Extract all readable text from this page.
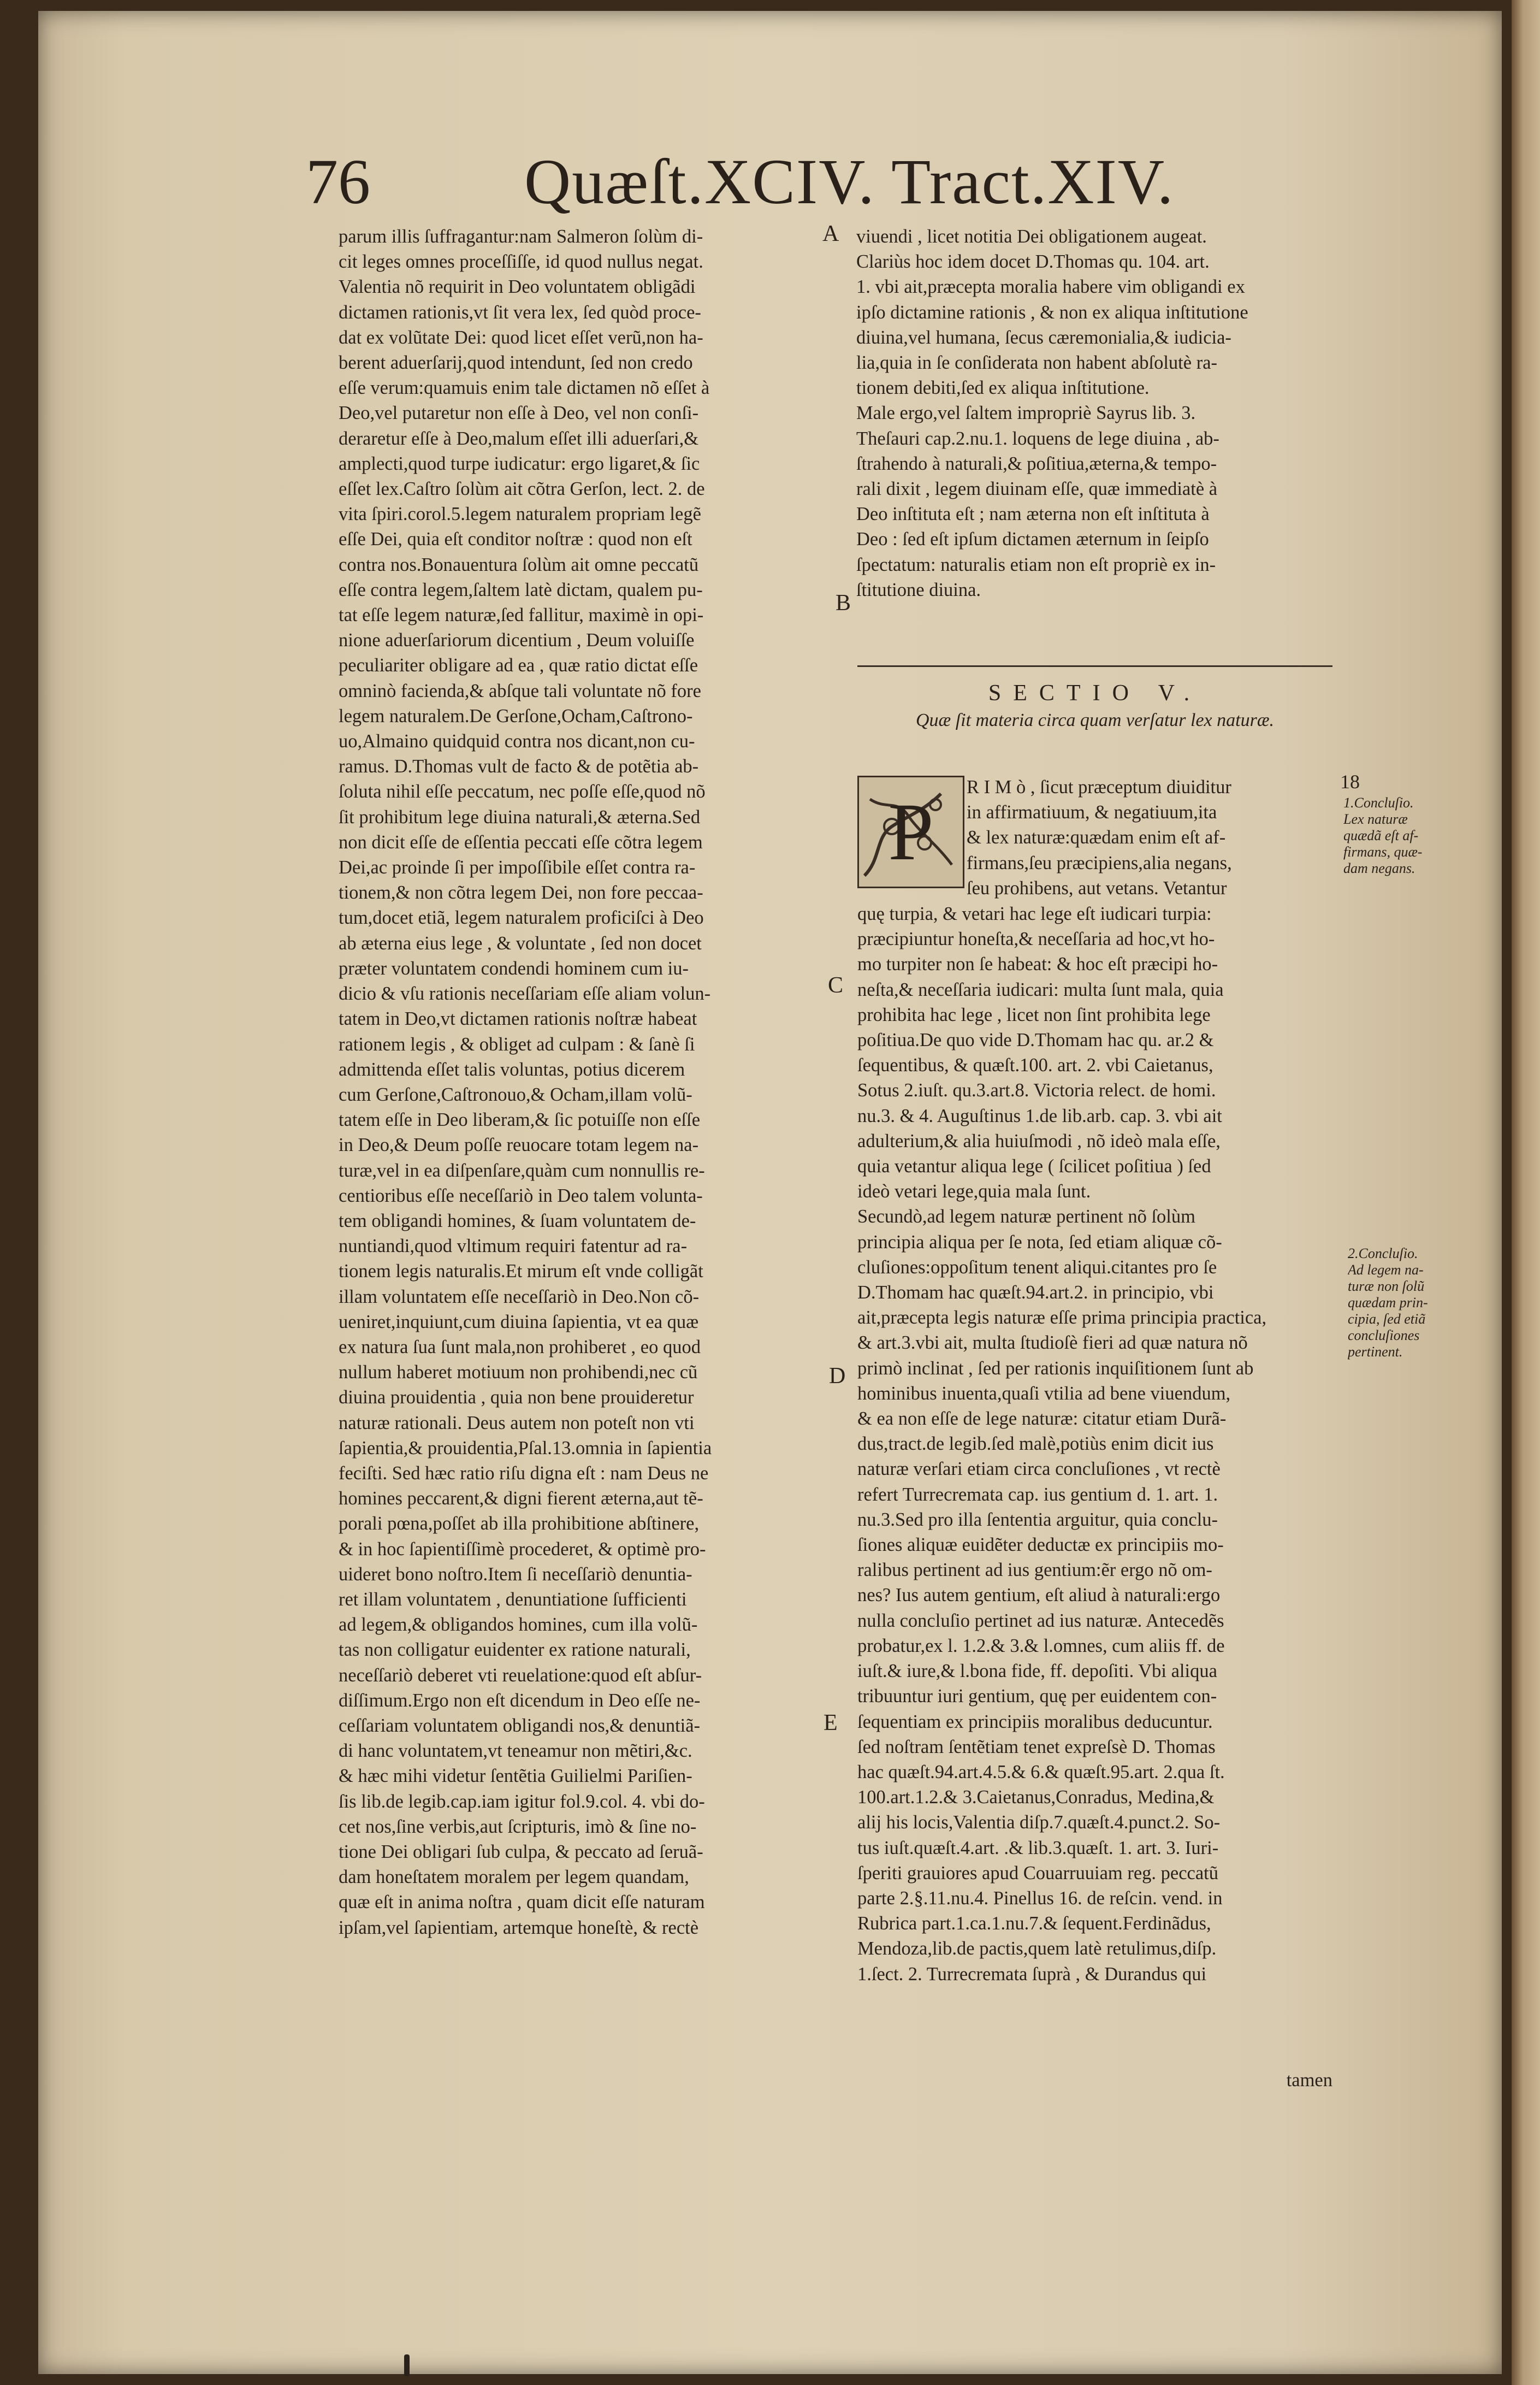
76 Quæſt.XCIV. Tract.XIV.
parum illis ſuffragantur:nam Salmeron ſolùm di-
cit leges omnes proceſſiſſe, id quod nullus negat.
Valentia nõ requirit in Deo voluntatem obligãdi
dictamen rationis,vt ſit vera lex, ſed quòd proce-
dat ex volũtate Dei: quod licet eſſet verũ,non ha-
berent aduerſarij,quod intendunt, ſed non credo
eſſe verum:quamuis enim tale dictamen nõ eſſet à
Deo,vel putaretur non eſſe à Deo, vel non conſi-
deraretur eſſe à Deo,malum eſſet illi aduerſari,&
amplecti,quod turpe iudicatur: ergo ligaret,& ſic
eſſet lex.Caſtro ſolùm ait cõtra Gerſon, lect. 2. de
vita ſpiri.corol.5.legem naturalem propriam legẽ
eſſe Dei, quia eſt conditor noſtræ : quod non eſt
contra nos.Bonauentura ſolùm ait omne peccatũ
eſſe contra legem,ſaltem latè dictam, qualem pu-
tat eſſe legem naturæ,ſed fallitur, maximè in opi-
nione aduerſariorum dicentium , Deum voluiſſe
peculiariter obligare ad ea , quæ ratio dictat eſſe
omninò facienda,& abſque tali voluntate nõ fore
legem naturalem.De Gerſone,Ocham,Caſtrono-
uo,Almaino quidquid contra nos dicant,non cu-
ramus. D.Thomas vult de facto & de potẽtia ab-
ſoluta nihil eſſe peccatum, nec poſſe eſſe,quod nõ
ſit prohibitum lege diuina naturali,& æterna.Sed
non dicit eſſe de eſſentia peccati eſſe cõtra legem
Dei,ac proinde ſi per impoſſibile eſſet contra ra-
tionem,& non cõtra legem Dei, non fore peccaa-
tum,docet etiã, legem naturalem proficiſci à Deo
ab æterna eius lege , & voluntate , ſed non docet
præter voluntatem condendi hominem cum iu-
dicio & vſu rationis neceſſariam eſſe aliam volun-
tatem in Deo,vt dictamen rationis noſtræ habeat
rationem legis , & obliget ad culpam : & ſanè ſi
admittenda eſſet talis voluntas, potius dicerem
cum Gerſone,Caſtronouo,& Ocham,illam volũ-
tatem eſſe in Deo liberam,& ſic potuiſſe non eſſe
in Deo,& Deum poſſe reuocare totam legem na-
turæ,vel in ea diſpenſare,quàm cum nonnullis re-
centioribus eſſe neceſſariò in Deo talem volunta-
tem obligandi homines, & ſuam voluntatem de-
nuntiandi,quod vltimum requiri fatentur ad ra-
tionem legis naturalis.Et mirum eſt vnde colligãt
illam voluntatem eſſe neceſſariò in Deo.Non cõ-
ueniret,inquiunt,cum diuina ſapientia, vt ea quæ
ex natura ſua ſunt mala,non prohiberet , eo quod
nullum haberet motiuum non prohibendi,nec cũ
diuina prouidentia , quia non bene prouideretur
naturæ rationali. Deus autem non poteſt non vti
ſapientia,& prouidentia,Pſal.13.omnia in ſapientia
feciſti. Sed hæc ratio riſu digna eſt : nam Deus ne
homines peccarent,& digni fierent æterna,aut tẽ-
porali pœna,poſſet ab illa prohibitione abſtinere,
& in hoc ſapientiſſimè procederet, & optimè pro-
uideret bono noſtro.Item ſi neceſſariò denuntia-
ret illam voluntatem , denuntiatione ſufficienti
ad legem,& obligandos homines, cum illa volũ-
tas non colligatur euidenter ex ratione naturali,
neceſſariò deberet vti reuelatione:quod eſt abſur-
diſſimum.Ergo non eſt dicendum in Deo eſſe ne-
ceſſariam voluntatem obligandi nos,& denuntiã-
di hanc voluntatem,vt teneamur non mẽtiri,&c.
& hæc mihi videtur ſentẽtia Guilielmi Pariſien-
ſis lib.de legib.cap.iam igitur fol.9.col. 4. vbi do-
cet nos,ſine verbis,aut ſcripturis, imò & ſine no-
tione Dei obligari ſub culpa, & peccato ad ſeruã-
dam honeſtatem moralem per legem quandam,
quæ eſt in anima noſtra , quam dicit eſſe naturam
ipſam,vel ſapientiam, artemque honeſtè, & rectè
A
B
C
D
E
viuendi , licet notitia Dei obligationem augeat.
Clariùs hoc idem docet D.Thomas qu. 104. art.
1. vbi ait,præcepta moralia habere vim obligandi ex
ipſo dictamine rationis , & non ex aliqua inſtitutione
diuina,vel humana, ſecus cæremonialia,& iudicia-
lia,quia in ſe conſiderata non habent abſolutè ra-
tionem debiti,ſed ex aliqua inſtitutione.
Male ergo,vel ſaltem impropriè Sayrus lib. 3.
Theſauri cap.2.nu.1. loquens de lege diuina , ab-
ſtrahendo à naturali,& poſitiua,æterna,& tempo-
rali dixit , legem diuinam eſſe, quæ immediatè à
Deo inſtituta eſt ; nam æterna non eſt inſtituta à
Deo : ſed eſt ipſum dictamen æternum in ſeipſo
ſpectatum: naturalis etiam non eſt propriè ex in-
ſtitutione diuina.
SECTIO V.
Quæ ſit materia circa quam verſatur lex naturæ.
P R I M ò , ſicut præceptum diuiditur
in affirmatiuum, & negatiuum,ita
& lex naturæ:quædam enim eſt af-
firmans,ſeu præcipiens,alia negans,
ſeu prohibens, aut vetans. Vetantur
quę turpia, & vetari hac lege eſt iudicari turpia:
præcipiuntur honeſta,& neceſſaria ad hoc,vt ho-
mo turpiter non ſe habeat: & hoc eſt præcipi ho-
neſta,& neceſſaria iudicari: multa ſunt mala, quia
prohibita hac lege , licet non ſint prohibita lege
poſitiua.De quo vide D.Thomam hac qu. ar.2 &
ſequentibus, & quæſt.100. art. 2. vbi Caietanus,
Sotus 2.iuſt. qu.3.art.8. Victoria relect. de homi.
nu.3. & 4. Auguſtinus 1.de lib.arb. cap. 3. vbi ait
adulterium,& alia huiuſmodi , nõ ideò mala eſſe,
quia vetantur aliqua lege ( ſcilicet poſitiua ) ſed
ideò vetari lege,quia mala ſunt.
Secundò,ad legem naturæ pertinent nõ ſolùm
principia aliqua per ſe nota, ſed etiam aliquæ cõ-
cluſiones:oppoſitum tenent aliqui.citantes pro ſe
D.Thomam hac quæſt.94.art.2. in principio, vbi
ait,præcepta legis naturæ eſſe prima principia practica,
& art.3.vbi ait, multa ſtudioſè fieri ad quæ natura nõ
primò inclinat , ſed per rationis inquiſitionem ſunt ab
hominibus inuenta,quaſi vtilia ad bene viuendum,
& ea non eſſe de lege naturæ: citatur etiam Durã-
dus,tract.de legib.ſed malè,potiùs enim dicit ius
naturæ verſari etiam circa concluſiones , vt rectè
refert Turrecremata cap. ius gentium d. 1. art. 1.
nu.3.Sed pro illa ſententia arguitur, quia conclu-
ſiones aliquæ euidẽter deductæ ex principiis mo-
ralibus pertinent ad ius gentium:ẽr ergo nõ om-
nes? Ius autem gentium, eſt aliud à naturali:ergo
nulla concluſio pertinet ad ius naturæ. Antecedẽs
probatur,ex l. 1.2.& 3.& l.omnes, cum aliis ff. de
iuſt.& iure,& l.bona fide, ff. depoſiti. Vbi aliqua
tribuuntur iuri gentium, quę per euidentem con-
ſequentiam ex principiis moralibus deducuntur.
ſed noſtram ſentẽtiam tenet expreſsè D. Thomas
hac quæſt.94.art.4.5.& 6.& quæſt.95.art. 2.qua ſt.
100.art.1.2.& 3.Caietanus,Conradus, Medina,&
alij his locis,Valentia diſp.7.quæſt.4.punct.2. So-
tus iuſt.quæſt.4.art. .& lib.3.quæſt. 1. art. 3. Iuri-
ſperiti grauiores apud Couarruuiam reg. peccatũ
parte 2.§.11.nu.4. Pinellus 16. de reſcin. vend. in
Rubrica part.1.ca.1.nu.7.& ſequent.Ferdinãdus,
Mendoza,lib.de pactis,quem latè retulimus,diſp.
1.ſect. 2. Turrecremata ſuprà , & Durandus qui
tamen
18
1.Concluſio.
Lex naturæ
quædã eſt af-
firmans, quæ-
dam negans.
2.Concluſio.
Ad legem na-
turæ non ſolũ
quædam prin-
cipia, ſed etiã
concluſiones
pertinent.
